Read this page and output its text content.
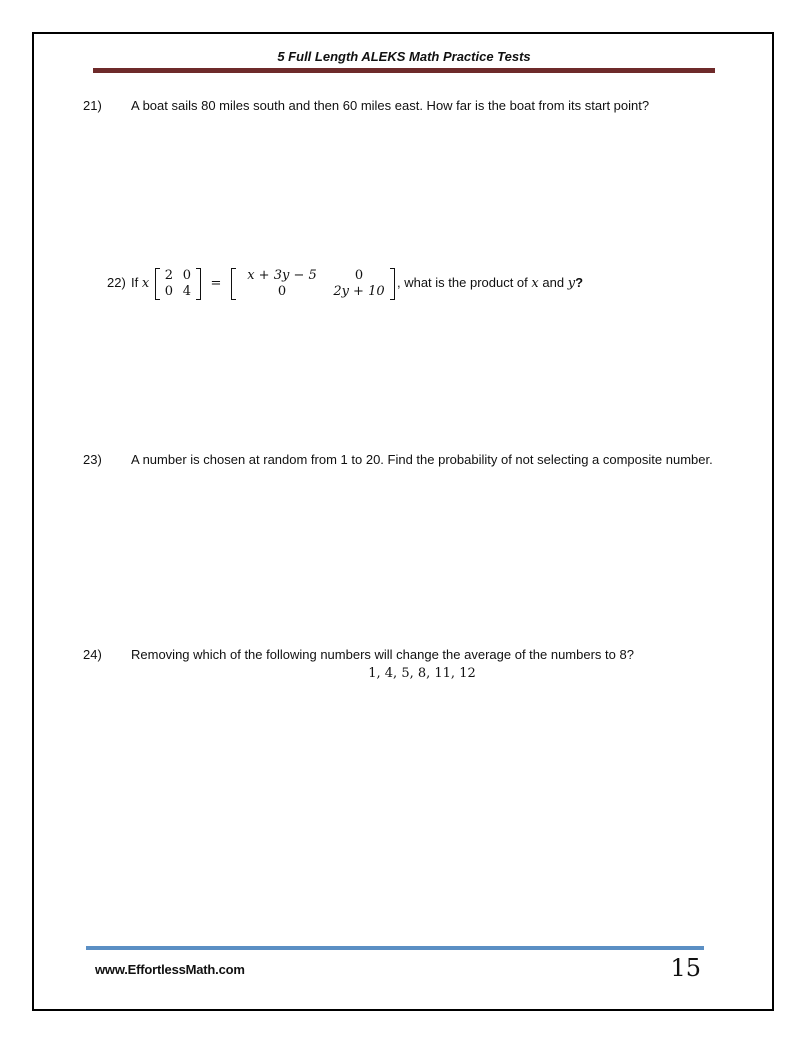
5 Full Length ALEKS Math Practice Tests
21) A boat sails 80 miles south and then 60 miles east. How far is the boat from its start point?
22) If x
2 0
0 4
=
x + 3y − 5	0
0	2y + 10
, what is the product of x and y?
23) A number is chosen at random from 1 to 20. Find the probability of not selecting a composite number.
24) Removing which of the following numbers will change the average of the numbers to 8?
1, 4, 5, 8, 11, 12
www.EffortlessMath.com	15
